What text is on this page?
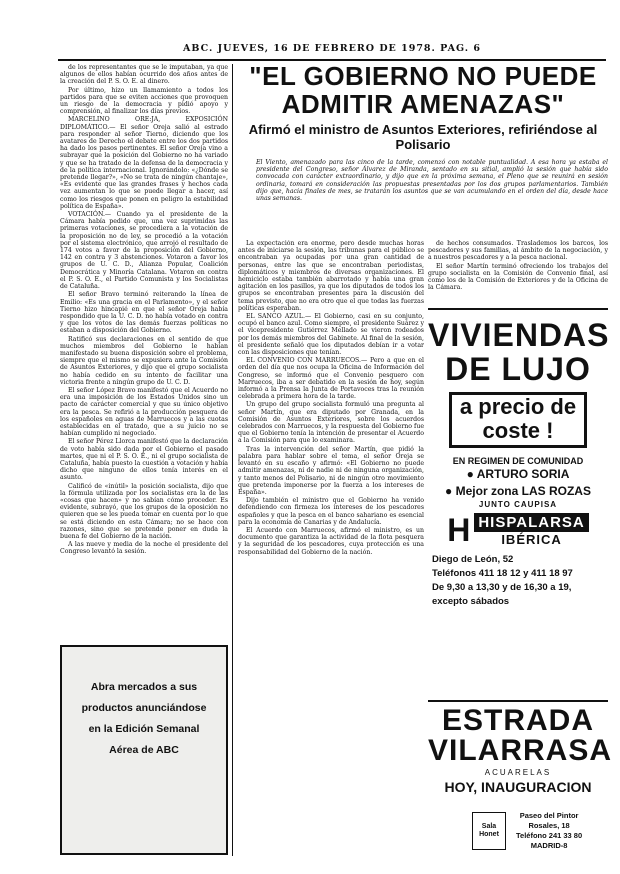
ABC. JUEVES, 16 DE FEBRERO DE 1978. PAG. 6

de los representantes que se le imputaban, ya que algunos de ellos habían ocurrido dos años antes de la creación del P. S. O. E. al dinero.

Por último, hizo un llamamiento a todos los partidos para que se eviten acciones que provoquen un riesgo de la democracia y pidió apoyo y comprensión, al finalizar los días previos.

MARCELINO ORE:JA, EXPOSICIÓN DIPLOMÁTICO.— El señor Oreja salió al estrado para responder al señor Tierno, diciendo que los avatares de Derecho el debate entre los dos partidos ha dado los pasos pertinentes. El señor Oreja vino a subrayar que la posición del Gobierno no ha variado y que se ha tratado de la defensa de la democracia y de la política internacional. Ignorándolo: «¿Dónde se pretende llegar?», «No se trata de ningún chantaje», «Es evidente que las grandes frases y hechos cada vez aumentan lo que se puede llegar a hacer, así como los riesgos que ponen en peligro la estabilidad política de España».

VOTACIÓN.— Cuando ya el presidente de la Cámara había pedido que, una vez suprimidas las primeras votaciones, se procediera a la votación de la proposición no de ley, se procedió a la votación por el sistema electrónico, que arrojó el resultado de 174 votos a favor de la proposición del Gobierno, 142 en contra y 3 abstenciones. Votaron a favor los grupos de U. C. D., Alianza Popular, Coalición Democrática y Minoría Catalana. Votaron en contra el P. S. O. E., el Partido Comunista y los Socialistas de Cataluña.

El señor Bravo terminó reiterando la línea de Emilio: «Es una gracia en el Parlamento», y el señor Tierno hizo hincapié en que el señor Oreja había respondido que la U. C. D. no había votado en contra y que los votos de las demás fuerzas políticas no estaban a disposición del Gobierno.

Ratificó sus declaraciones en el sentido de que muchos miembros del Gobierno le habían manifestado su buena disposición sobre el problema, siempre que el mismo se expusiera ante la Comisión de Asuntos Exteriores, y dijo que el grupo socialista no había cedido en su intento de facilitar una victoria frente a ningún grupo de U. C. D.

El señor López Bravo manifestó que el Acuerdo no era una imposición de los Estados Unidos sino un pacto de carácter comercial y que su único objetivo era la pesca. Se refirió a la producción pesquera de los españoles en aguas de Marruecos y a las cuotas establecidas en el tratado, que a su juicio no se habían cumplido ni negociado.

El señor Pérez Llorca manifestó que la declaración de voto había sido dada por el Gobierno el pasado martes, que ni el P. S. O. E., ni el grupo socialista de Cataluña, había puesto la cuestión a votación y había dicho que ninguno de ellos tenía interés en el asunto.

Calificó de «inútil» la posición socialista, dijo que la fórmula utilizada por los socialistas era la de las «cosas que hacen» y no sabían cómo proceder. Es evidente, subrayó, que los grupos de la oposición no quieren que se les pueda tomar en cuenta por lo que se está diciendo en esta Cámara; no se hace con razones, sino que se pretende poner en duda la buena fe del Gobierno de la nación.

A las nueve y media de la noche el presidente del Congreso levantó la sesión.

Abra mercados a sus
productos anunciándose
en la Edición Semanal
Aérea de ABC
"EL GOBIERNO NO PUEDE
ADMITIR AMENAZAS"
Afirmó el ministro de Asuntos Exteriores, refiriéndose al Polisario
El Viento, amenazado para las cinco de la tarde, comenzó con notable puntualidad. A esa hora ya estaba el presidente del Congreso, señor Álvarez de Miranda, sentado en su sitial, amplió la sesión que había sido convocada con carácter extraordinario, y dijo que en la próxima semana, el Pleno que se reunirá en sesión ordinaria, tomará en consideración las propuestas presentadas por los dos grupos parlamentarios. También dijo que, hacia finales de mes, se tratarán los asuntos que se van acumulando en el orden del día, desde hace unas semanas.

La expectación era enorme, pero desde muchas horas antes de iniciarse la sesión, las tribunas para el público se encontraban ya ocupadas por una gran cantidad de personas, entre las que se encontraban periodistas, diplomáticos y miembros de diversas organizaciones. El hemiciclo estaba también abarrotado y había una gran agitación en los pasillos, ya que los diputados de todos los grupos se encontraban presentes para la discusión del tema previsto, que no era otro que el que todas las fuerzas políticas esperaban.

EL SANCO AZUL.— El Gobierno, casi en su conjunto, ocupó el banco azul. Como siempre, el presidente Suárez y el vicepresidente Gutiérrez Mellado se vieron rodeados por los demás miembros del Gabinete. Al final de la sesión, el presidente señaló que los diputados debían ir a votar con las disposiciones que tenían.

EL CONVENIO CON MARRUECOS.— Pero a que en el orden del día que nos ocupa la Oficina de Información del Congreso, se informó que el Convenio pesquero con Marruecos, iba a ser debatido en la sesión de hoy, según informó a la Prensa la Junta de Portavoces tras la reunión celebrada a primera hora de la tarde.

Un grupo del grupo socialista formuló una pregunta al señor Martín, que era diputado por Granada, en la Comisión de Asuntos Exteriores, sobre los acuerdos celebrados con Marruecos, y la respuesta del Gobierno fue que el Gobierno tenía la intención de presentar el Acuerdo a la Comisión para que lo examinara.

Tras la intervención del señor Martín, que pidió la palabra para hablar sobre el tema, el señor Oreja se levantó en su escaño y afirmó: «El Gobierno no puede admitir amenazas, ni de nadie ni de ninguna organización, y tanto menos del Polisario, ni de ningún otro movimiento que pretenda imponerse por la fuerza a los intereses de España».

Dijo también el ministro que el Gobierno ha venido defendiendo con firmeza los intereses de los pescadores españoles y que la pesca en el banco sahariano es esencial para la economía de Canarias y de Andalucía.

El Acuerdo con Marruecos, afirmó el ministro, es un documento que garantiza la actividad de la flota pesquera y la seguridad de los pescadores, cuya protección es una responsabilidad del Gobierno de la nación.

de hechos consumados. Traslademos los barcos, los pescadores y sus familias, al ámbito de la negociación, y a nuestros pescadores y a la pesca nacional.

El señor Martín terminó ofreciendo los trabajos del grupo socialista en la Comisión de Convenio final, así como los de la Comisión de Exteriores y de la Oficina de la Cámara.

VIVIENDAS
DE LUJO
a precio de
coste !
EN REGIMEN DE COMUNIDAD
● ARTURO SORIA
● Mejor zona LAS ROZAS
JUNTO CAUPISA
H HISPALARSA
IBÉRICA
Diego de León, 52
Teléfonos 411 18 12 y 411 18 97
De 9,30 a 13,30 y de 16,30 a 19,
excepto sábados
ESTRADA
VILARRASA
ACUARELAS
HOY, INAUGURACION
Sala Honet
Paseo del Pintor
Rosales, 18
Teléfono 241 33 80
MADRID-8
